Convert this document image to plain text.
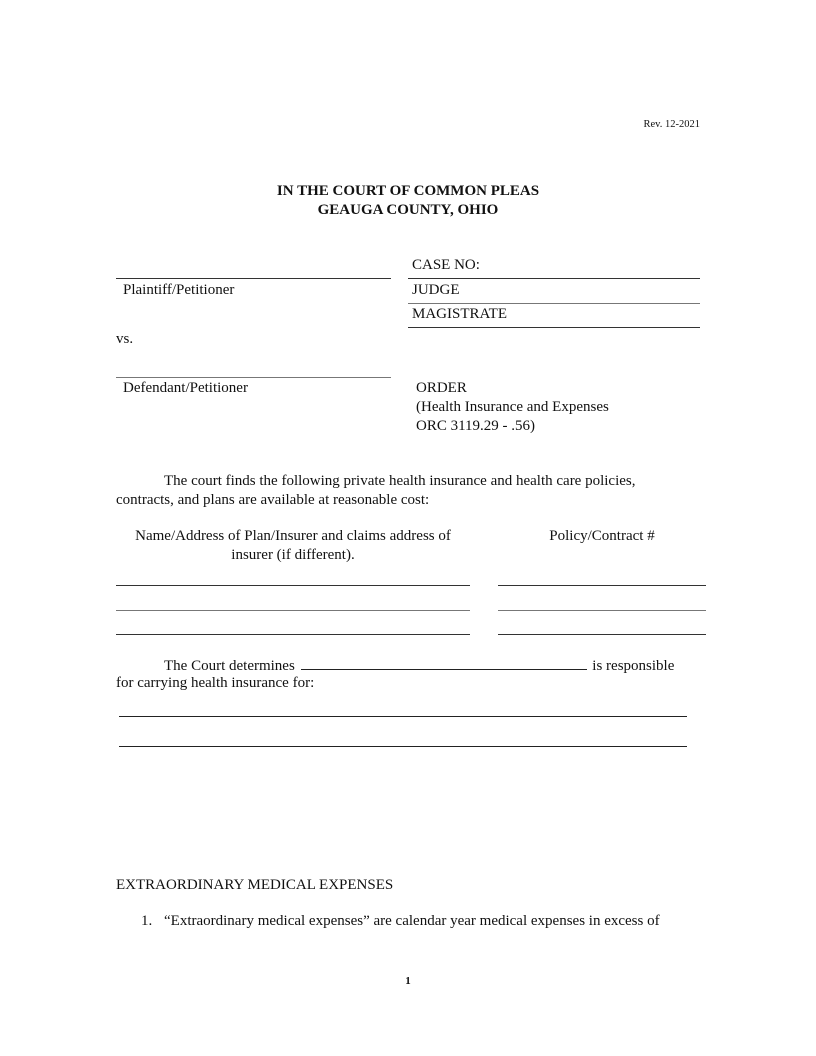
Rev. 12-2021
IN THE COURT OF COMMON PLEAS
GEAUGA COUNTY, OHIO
Plaintiff/Petitioner
vs.
Defendant/Petitioner
CASE NO:
JUDGE
MAGISTRATE
ORDER
(Health Insurance and Expenses
ORC 3119.29 - .56)
The court finds the following private health insurance and health care policies,
contracts, and plans are available at reasonable cost:
Name/Address of Plan/Insurer and claims address of
insurer (if different).
Policy/Contract #
The Court determines	is responsible
for carrying health insurance for:
EXTRAORDINARY MEDICAL EXPENSES
1. “Extraordinary medical expenses” are calendar year medical expenses in excess of
1
